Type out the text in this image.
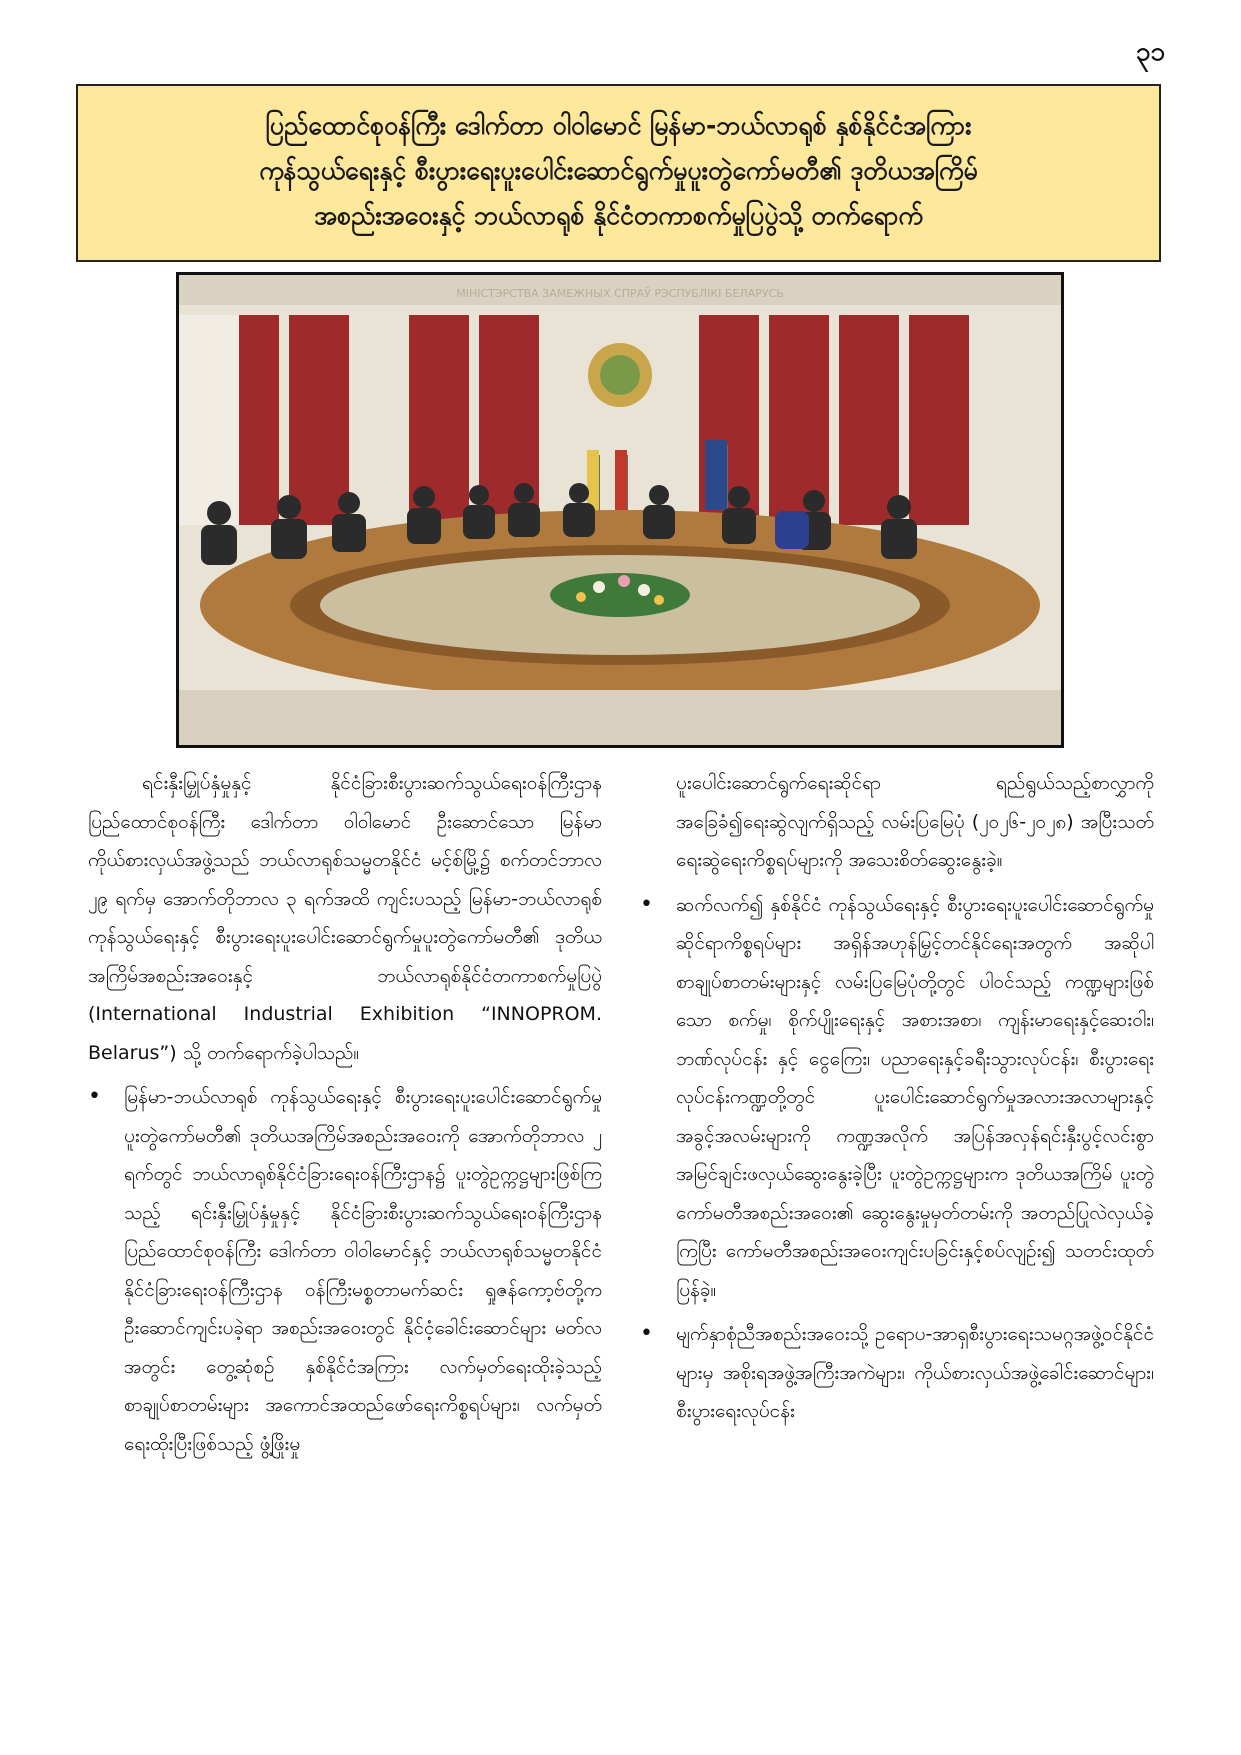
၃၁
ပြည်ထောင်စုဝန်ကြီး ဒေါက်တာ ဝါဝါမောင် မြန်မာ-ဘယ်လာရုစ် နှစ်နိုင်ငံအကြား
ကုန်သွယ်ရေးနှင့် စီးပွားရေးပူးပေါင်းဆောင်ရွက်မှုပူးတွဲကော်မတီ၏ ဒုတိယအကြိမ်
အစည်းအဝေးနှင့် ဘယ်လာရုစ် နိုင်ငံတကာစက်မှုပြပွဲသို့ တက်ရောက်
МІНІСТЭРСТВА ЗАМЕЖНЫХ СПРАЎ РЭСПУБЛІКІ БЕЛАРУСЬ

ရင်းနှီးမြှုပ်နှံမှုနှင့် နိုင်ငံခြားစီးပွားဆက်သွယ်ရေးဝန်ကြီးဌာန ပြည်ထောင်စုဝန်ကြီး ဒေါက်တာ ဝါဝါမောင် ဦးဆောင်သော မြန်မာကိုယ်စားလှယ်အဖွဲ့သည် ဘယ်လာရုစ်သမ္မတနိုင်ငံ မင့်စ်မြို့၌ စက်တင်ဘာလ ၂၉ ရက်မှ အောက်တိုဘာလ ၃ ရက်အထိ ကျင်းပသည့် မြန်မာ-ဘယ်လာရုစ် ကုန်သွယ်ရေးနှင့် စီးပွားရေးပူးပေါင်းဆောင်ရွက်မှုပူးတွဲကော်မတီ၏ ဒုတိယအကြိမ်အစည်းအဝေးနှင့် ဘယ်လာရုစ်နိုင်ငံတကာစက်မှုပြပွဲ (International Industrial Exhibition “INNOPROM. Belarus”) သို့ တက်ရောက်ခဲ့ပါသည်။

• မြန်မာ-ဘယ်လာရုစ် ကုန်သွယ်ရေးနှင့် စီးပွားရေးပူးပေါင်းဆောင်ရွက်မှုပူးတွဲကော်မတီ၏ ဒုတိယအကြိမ်အစည်းအဝေးကို အောက်တိုဘာလ ၂ ရက်တွင် ဘယ်လာရုစ်နိုင်ငံခြားရေးဝန်ကြီးဌာန၌ ပူးတွဲဥက္ကဋ္ဌများဖြစ်ကြသည့် ရင်းနှီးမြှုပ်နှံမှုနှင့် နိုင်ငံခြားစီးပွားဆက်သွယ်ရေးဝန်ကြီးဌာန ပြည်ထောင်စုဝန်ကြီး ဒေါက်တာ ဝါဝါမောင်နှင့် ဘယ်လာရုစ်သမ္မတနိုင်ငံ နိုင်ငံခြားရေးဝန်ကြီးဌာန ဝန်ကြီးမစ္စတာမက်ဆင်း ရှုဇန်ကော့ဗ်တို့က ဦးဆောင်ကျင်းပခဲ့ရာ အစည်းအဝေးတွင် နိုင်ငံ့ခေါင်းဆောင်များ မတ်လအတွင်း တွေ့ဆုံစဉ် နှစ်နိုင်ငံအကြား လက်မှတ်ရေးထိုးခဲ့သည့် စာချုပ်စာတမ်းများ အကောင်အထည်ဖော်ရေးကိစ္စရပ်များ၊ လက်မှတ်ရေးထိုးပြီးဖြစ်သည့် ဖွံ့ဖြိုးမှု

ပူးပေါင်းဆောင်ရွက်ရေးဆိုင်ရာ ရည်ရွယ်သည့်စာလွှာကို အခြေခံ၍ရေးဆွဲလျက်ရှိသည့် လမ်းပြမြေပုံ (၂၀၂၆-၂၀၂၈) အပြီးသတ်ရေးဆွဲရေးကိစ္စရပ်များကို အသေးစိတ်ဆွေးနွေးခဲ့။

• ဆက်လက်၍ နှစ်နိုင်ငံ ကုန်သွယ်ရေးနှင့် စီးပွားရေးပူးပေါင်းဆောင်ရွက်မှုဆိုင်ရာကိစ္စရပ်များ အရှိန်အဟုန်မြှင့်တင်နိုင်ရေးအတွက် အဆိုပါစာချုပ်စာတမ်းများနှင့် လမ်းပြမြေပုံတို့တွင် ပါဝင်သည့် ကဏ္ဍများဖြစ်သော စက်မှု၊ စိုက်ပျိုးရေးနှင့် အစားအစာ၊ ကျန်းမာရေးနှင့်ဆေးဝါး၊ ဘဏ်လုပ်ငန်း နှင့် ငွေကြေး၊ ပညာရေးနှင့်ခရီးသွားလုပ်ငန်း၊ စီးပွားရေးလုပ်ငန်းကဏ္ဍတို့တွင် ပူးပေါင်းဆောင်ရွက်မှုအလားအလာများနှင့် အခွင့်အလမ်းများကို ကဏ္ဍအလိုက် အပြန်အလှန်ရင်းနှီးပွင့်လင်းစွာ အမြင်ချင်းဖလှယ်ဆွေးနွေးခဲ့ပြီး ပူးတွဲဥက္ကဋ္ဌများက ဒုတိယအကြိမ် ပူးတွဲကော်မတီအစည်းအဝေး၏ ဆွေးနွေးမှုမှတ်တမ်းကို အတည်ပြုလဲလှယ်ခဲ့ကြပြီး ကော်မတီအစည်းအဝေးကျင်းပခြင်းနှင့်စပ်လျဉ်း၍ သတင်းထုတ်ပြန်ခဲ့။
• မျက်နှာစုံညီအစည်းအဝေးသို့ ဥရောပ-အာရှစီးပွားရေးသမဂ္ဂအဖွဲ့ဝင်နိုင်ငံများမှ အစိုးရအဖွဲ့အကြီးအကဲများ၊ ကိုယ်စားလှယ်အဖွဲ့ခေါင်းဆောင်များ၊ စီးပွားရေးလုပ်ငန်း
